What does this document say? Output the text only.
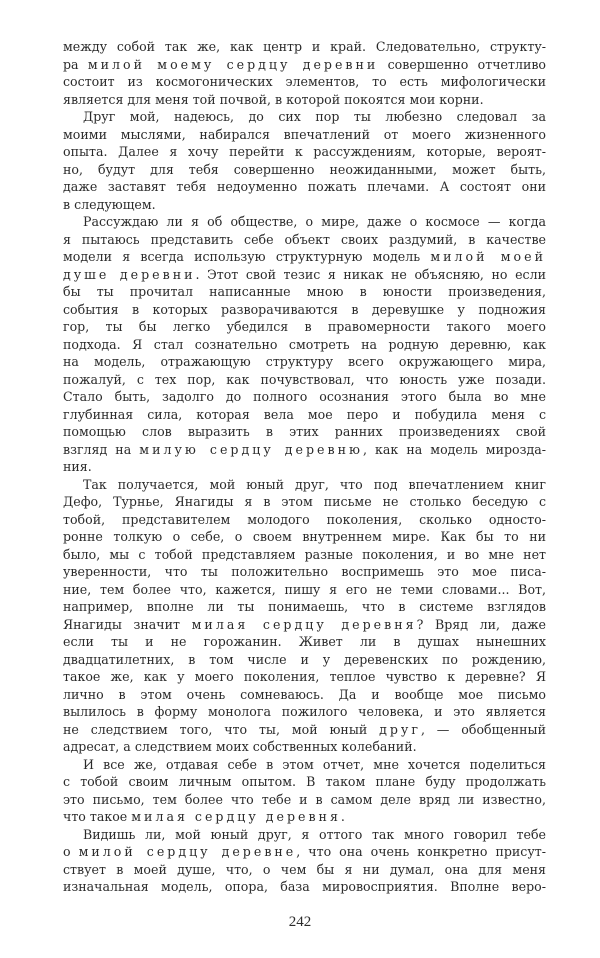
между собой так же, как центр и край. Следовательно, структу-
ра милой моему сердцу деревни совершенно отчетливо
состоит из космогонических элементов, то есть мифологически
является для меня той почвой, в которой покоятся мои корни.
Друг мой, надеюсь, до сих пор ты любезно следовал за
моими мыслями, набирался впечатлений от моего жизненного
опыта. Далее я хочу перейти к рассуждениям, которые, вероят-
но, будут для тебя совершенно неожиданными, может быть,
даже заставят тебя недоуменно пожать плечами. А состоят они
в следующем.
Рассуждаю ли я об обществе, о мире, даже о космосе — когда
я пытаюсь представить себе объект своих раздумий, в качестве
модели я всегда использую структурную модель милой моей
душе деревни. Этот свой тезис я никак не объясняю, но если
бы ты прочитал написанные мною в юности произведения,
события в которых разворачиваются в деревушке у подножия
гор, ты бы легко убедился в правомерности такого моего
подхода. Я стал сознательно смотреть на родную деревню, как
на модель, отражающую структуру всего окружающего мира,
пожалуй, с тех пор, как почувствовал, что юность уже позади.
Стало быть, задолго до полного осознания этого была во мне
глубинная сила, которая вела мое перо и побудила меня с
помощью слов выразить в этих ранних произведениях свой
взгляд на милую сердцу деревню, как на модель мироздa-
ния.
Так получается, мой юный друг, что под впечатлением книг
Дефо, Турнье, Янагиды я в этом письме не столько беседую с
тобой, представителем молодого поколения, сколько односто-
ронне толкую о себе, о своем внутреннем мире. Как бы то ни
было, мы с тобой представляем разные поколения, и во мне нет
уверенности, что ты положительно воспримешь это мое писа-
ние, тем более что, кажется, пишу я его не теми словами... Вот,
например, вполне ли ты понимаешь, что в системе взглядов
Янагиды значит милая сердцу деревня? Вряд ли, даже
если ты и не горожанин. Живет ли в душах нынешних
двадцатилетних, в том числе и у деревенских по рождению,
такое же, как у моего поколения, теплое чувство к деревне? Я
лично в этом очень сомневаюсь. Да и вообще мое письмо
вылилось в форму монолога пожилого человека, и это является
не следствием того, что ты, мой юный друг, — обобщенный
адресат, а следствием моих собственных колебаний.
И все же, отдавая себе в этом отчет, мне хочется поделиться
с тобой своим личным опытом. В таком плане буду продолжать
это письмо, тем более что тебе и в самом деле вряд ли известно,
что такое милая сердцу деревня.
Видишь ли, мой юный друг, я оттого так много говорил тебе
о милой сердцу деревне, что она очень конкретно присут-
ствует в моей душе, что, о чем бы я ни думал, она для меня
изначальная модель, опора, база мировосприятия. Вполне веро-
242
